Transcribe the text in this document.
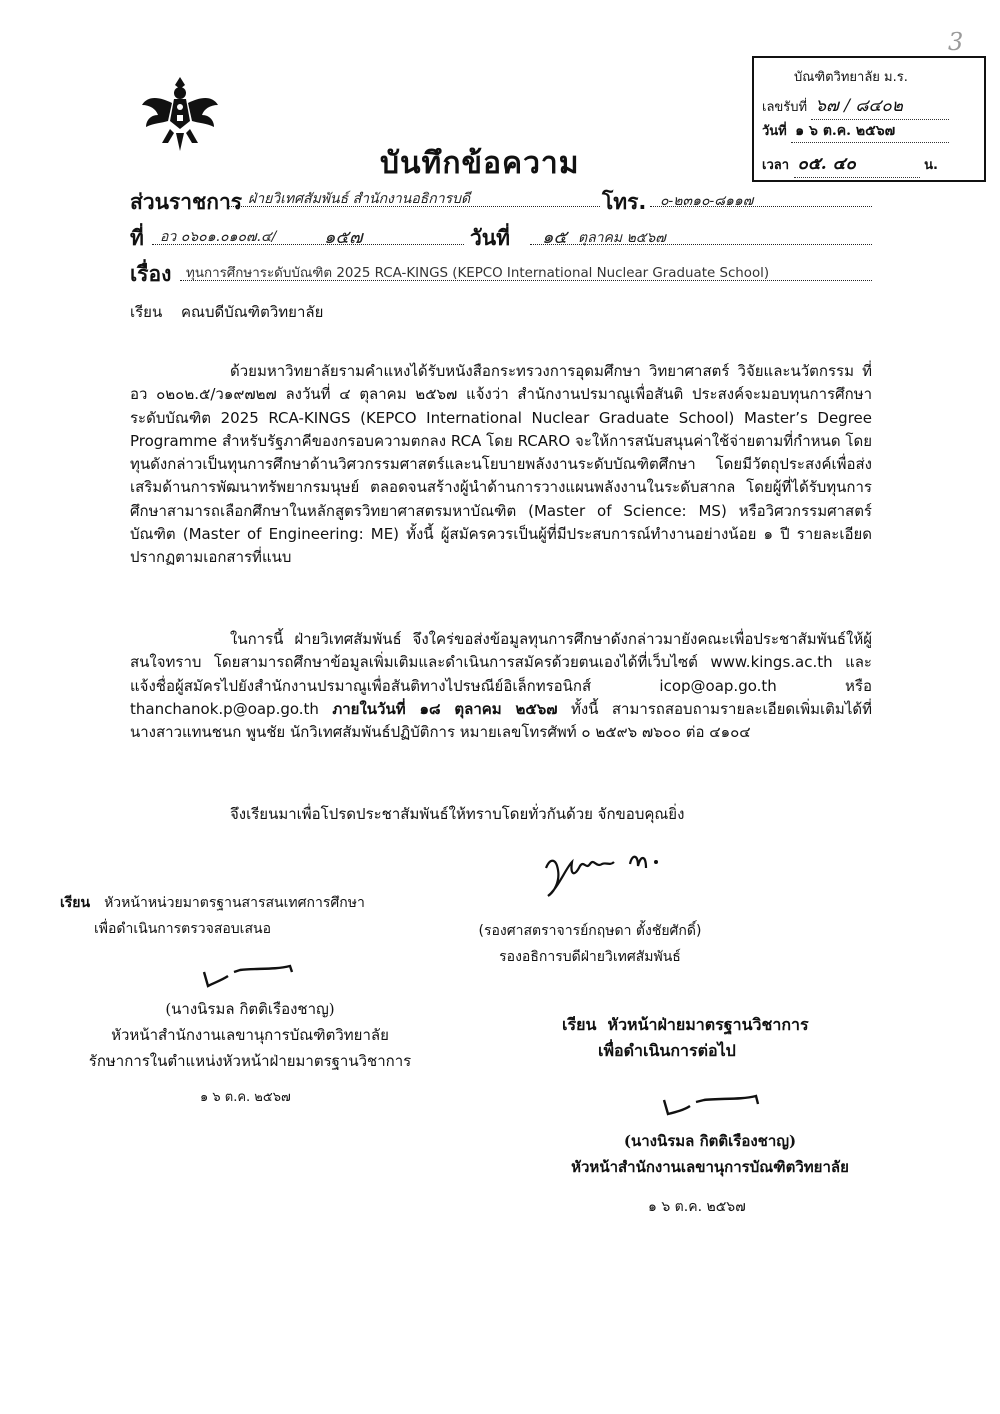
3
บันทึกข้อความ
บัณฑิตวิทยาลัย ม.ร.
เลขรับที่ ๖๗ / ๘๔๐๒
วันที่ ๑ ๖ ต.ค. ๒๕๖๗
เวลา ๐๕. ๔๐	น.
ส่วนราชการ ฝ่ายวิเทศสัมพันธ์ สำนักงานอธิการบดี	โทร. ๐-๒๓๑๐-๘๑๑๗
ที่ อว ๐๖๐๑.๐๑๐๗.๔/	๑๕๗	วันที่ ๑๕ ตุลาคม ๒๕๖๗
เรื่อง ทุนการศึกษาระดับบัณฑิต 2025 RCA-KINGS (KEPCO International Nuclear Graduate School)
เรียน คณบดีบัณฑิตวิทยาลัย

ด้วยมหาวิทยาลัยรามคำแหงได้รับหนังสือกระทรวงการอุดมศึกษา วิทยาศาสตร์ วิจัยและนวัตกรรม ที่ อว ๐๒๐๒.๕/ว๑๙๗๒๗ ลงวันที่ ๔ ตุลาคม ๒๕๖๗ แจ้งว่า สำนักงานปรมาณูเพื่อสันติ ประสงค์จะมอบทุนการศึกษาระดับบัณฑิต 2025 RCA-KINGS (KEPCO International Nuclear Graduate School) Master’s Degree Programme สำหรับรัฐภาคีของกรอบความตกลง RCA โดย RCARO จะให้การสนับสนุนค่าใช้จ่ายตามที่กำหนด โดยทุนดังกล่าวเป็นทุนการศึกษาด้านวิศวกรรมศาสตร์และนโยบายพลังงานระดับบัณฑิตศึกษา โดยมีวัตถุประสงค์เพื่อส่งเสริมด้านการพัฒนาทรัพยากรมนุษย์ ตลอดจนสร้างผู้นำด้านการวางแผนพลังงานในระดับสากล โดยผู้ที่ได้รับทุนการศึกษาสามารถเลือกศึกษาในหลักสูตรวิทยาศาสตรมหาบัณฑิต (Master of Science: MS) หรือวิศวกรรมศาสตร์บัณฑิต (Master of Engineering: ME) ทั้งนี้ ผู้สมัครควรเป็นผู้ที่มีประสบการณ์ทำงานอย่างน้อย ๑ ปี รายละเอียดปรากฏตามเอกสารที่แนบ

ในการนี้ ฝ่ายวิเทศสัมพันธ์ จึงใคร่ขอส่งข้อมูลทุนการศึกษาดังกล่าวมายังคณะเพื่อประชาสัมพันธ์ให้ผู้สนใจทราบ โดยสามารถศึกษาข้อมูลเพิ่มเติมและดำเนินการสมัครด้วยตนเองได้ที่เว็บไซต์ www.kings.ac.th และแจ้งชื่อผู้สมัครไปยังสำนักงานปรมาณูเพื่อสันติทางไปรษณีย์อิเล็กทรอนิกส์ icop@oap.go.th หรือ thanchanok.p@oap.go.th ภายในวันที่ ๑๘ ตุลาคม ๒๕๖๗ ทั้งนี้ สามารถสอบถามรายละเอียดเพิ่มเติมได้ที่ นางสาวแทนชนก พูนชัย นักวิเทศสัมพันธ์ปฏิบัติการ หมายเลขโทรศัพท์ ๐ ๒๕๙๖ ๗๖๐๐ ต่อ ๔๑๐๔

จึงเรียนมาเพื่อโปรดประชาสัมพันธ์ให้ทราบโดยทั่วกันด้วย จักขอบคุณยิ่ง
(รองศาสตราจารย์กฤษดา ตั้งชัยศักดิ์)
รองอธิการบดีฝ่ายวิเทศสัมพันธ์
เรียน หัวหน้าหน่วยมาตรฐานสารสนเทศการศึกษา
เพื่อดำเนินการตรวจสอบเสนอ
(นางนิรมล กิตติเรืองชาญ)
หัวหน้าสำนักงานเลขานุการบัณฑิตวิทยาลัย
รักษาการในตำแหน่งหัวหน้าฝ่ายมาตรฐานวิชาการ
๑ ๖ ต.ค. ๒๕๖๗
เรียน หัวหน้าฝ่ายมาตรฐานวิชาการ
เพื่อดำเนินการต่อไป
(นางนิรมล กิตติเรืองชาญ)
หัวหน้าสำนักงานเลขานุการบัณฑิตวิทยาลัย
๑ ๖ ต.ค. ๒๕๖๗
